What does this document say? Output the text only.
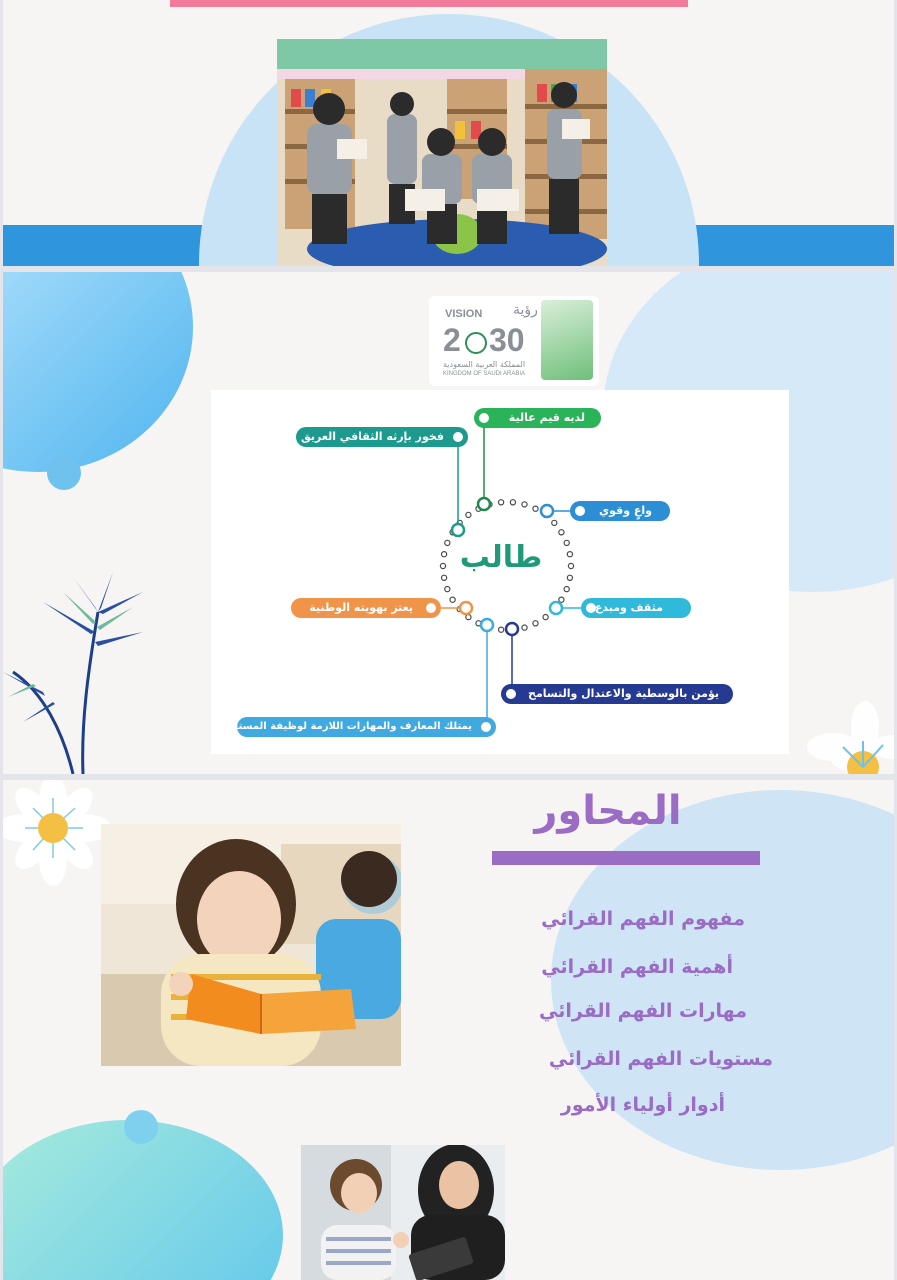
رؤية
VISION
2 30
المملكة العربية السعودية
KINGDOM OF SAUDI ARABIA
طالب
لديه قيم عالية
فخور بإرثه الثقافي العريق
واعٍ وقوي
مثقف ومبدع
يعتز بهويته الوطنية
يؤمن بالوسطية والاعتدال والتسامح
يمتلك المعارف والمهارات اللازمة لوظيفة المستقبل
المحاور
مفهوم الفهم القرائي
أهمية الفهم القرائي
مهارات الفهم القرائي
مستويات الفهم القرائي
أدوار أولياء الأمور
